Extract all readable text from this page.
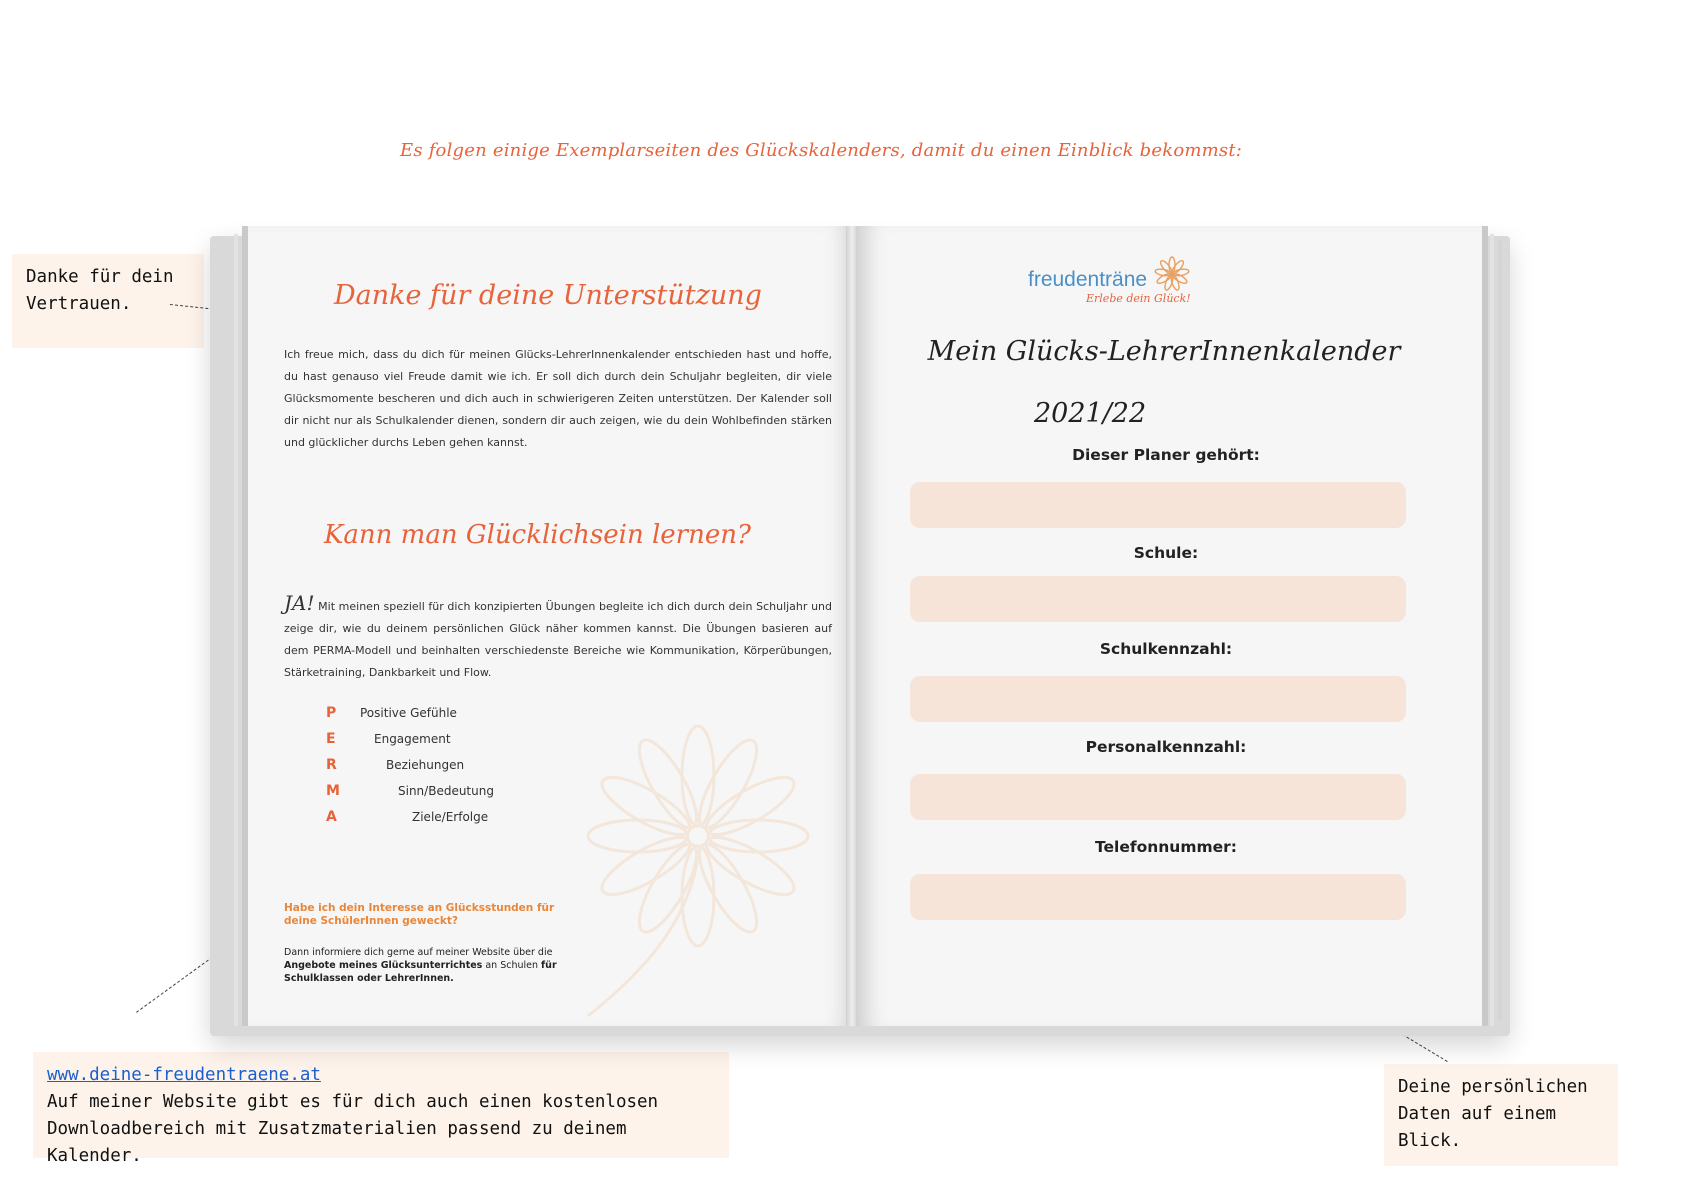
Es folgen einige Exemplarseiten des Glückskalenders, damit du einen Einblick bekommst:
Danke für dein Vertrauen.
www.deine-freudentraene.at
Auf meiner Website gibt es für dich auch einen kostenlosen Downloadbereich mit Zusatzmaterialien passend zu deinem Kalender.
Deine persönlichen Daten auf einem Blick.
Danke für deine Unterstützung
Ich freue mich, dass du dich für meinen Glücks-LehrerInnenkalender entschieden hast und hoffe, du hast genauso viel Freude damit wie ich. Er soll dich durch dein Schuljahr begleiten, dir viele Glücksmomente bescheren und dich auch in schwierigeren Zeiten unterstützen. Der Kalender soll dir nicht nur als Schulkalender dienen, sondern dir auch zeigen, wie du dein Wohlbefinden stärken und glücklicher durchs Leben gehen kannst.
Kann man Glücklichsein lernen?
JA! Mit meinen speziell für dich konzipierten Übungen begleite ich dich durch dein Schuljahr und zeige dir, wie du deinem persönlichen Glück näher kommen kannst. Die Übungen basieren auf dem PERMA-Modell und beinhalten verschiedenste Bereiche wie Kommunikation, Körperübungen, Stärketraining, Dankbarkeit und Flow.
P	Positive Gefühle
E	Engagement
R	Beziehungen
M	Sinn/Bedeutung
A	Ziele/Erfolge
Habe ich dein Interesse an Glücksstunden für deine SchülerInnen geweckt?
Dann informiere dich gerne auf meiner Website über die Angebote meines Glücksunterrichtes an Schulen für Schulklassen oder LehrerInnen.
freudenträne
Erlebe dein Glück!
Mein Glücks-LehrerInnenkalender
2021/22
Dieser Planer gehört:
Schule:
Schulkennzahl:
Personalkennzahl:
Telefonnummer:
